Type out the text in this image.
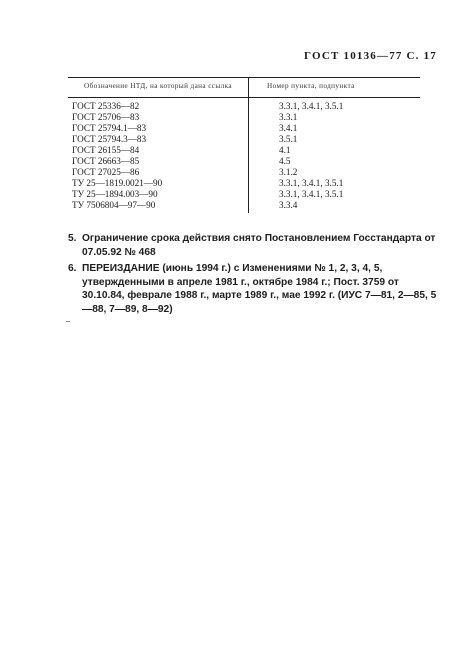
ГОСТ 10136—77 С. 17
Обозначение НТД, на который дана ссылка	Номер пункта, подпункта
ГОСТ 25336—82	3.3.1, 3.4.1, 3.5.1
ГОСТ 25706—83	3.3.1
ГОСТ 25794.1—83	3.4.1
ГОСТ 25794.3—83	3.5.1
ГОСТ 26155—84	4.1
ГОСТ 26663—85	4.5
ГОСТ 27025—86	3.1.2
ТУ 25—1819.0021—90	3.3.1, 3.4.1, 3.5.1
ТУ 25—1894.003—90	3.3.1, 3.4.1, 3.5.1
ТУ 7506804—97—90	3.3.4
5. Ограничение срока действия снято Постановлением Госстандарта от 07.05.92 № 468
6. ПЕРЕИЗДАНИЕ (июнь 1994 г.) с Изменениями № 1, 2, 3, 4, 5, утвержденными в апреле 1981 г., октябре 1984 г.; Пост. 3759 от 30.10.84, феврале 1988 г., марте 1989 г., мае 1992 г. (ИУС 7—81, 2—85, 5—88, 7—89, 8—92)
